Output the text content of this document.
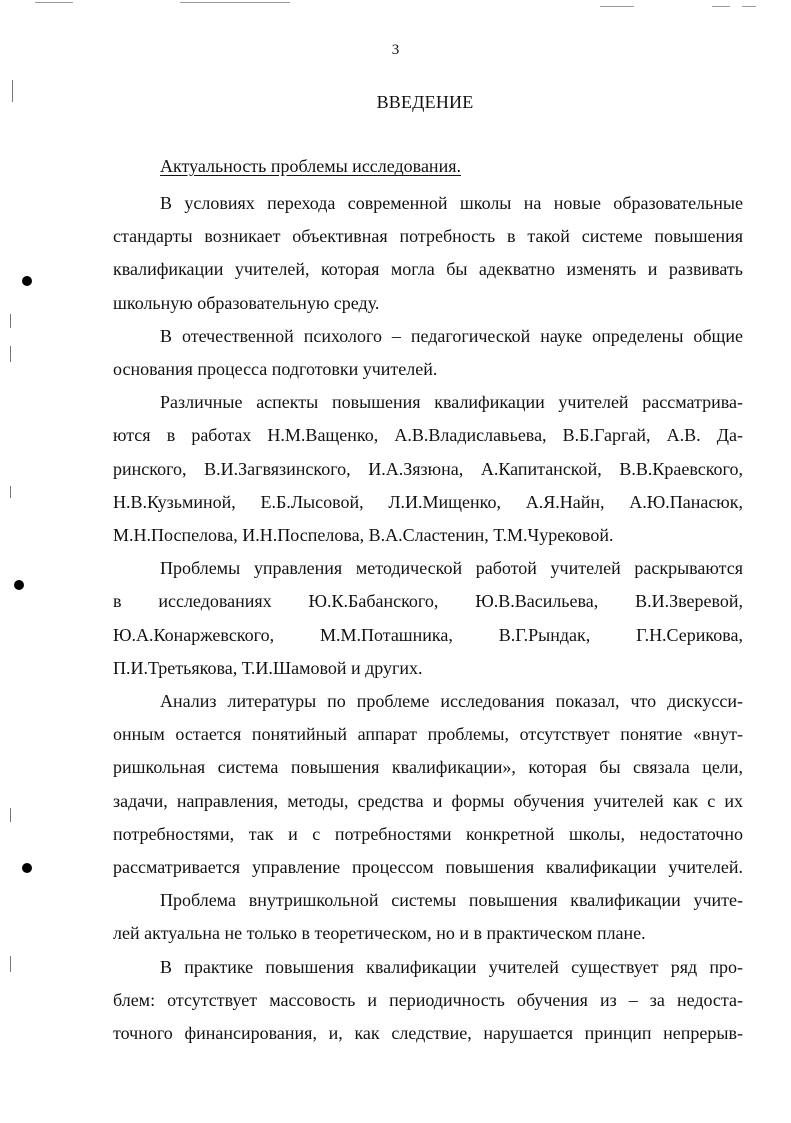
3
ВВЕДЕНИЕ
Актуальность проблемы исследования.

В условиях перехода современной школы на новые образовательные
стандарты возникает объективная потребность в такой системе повышения
квалификации учителей, которая могла бы адекватно изменять и развивать
школьную образовательную среду.

В отечественной психолого – педагогической науке определены общие
основания процесса подготовки учителей.

Различные аспекты повышения квалификации учителей рассматрива-
ются в работах Н.М.Ващенко, А.В.Владиславьева, В.Б.Гаргай, А.В. Да-
ринского, В.И.Загвязинского, И.А.Зязюна, А.Капитанской, В.В.Краевского,
Н.В.Кузьминой, Е.Б.Лысовой, Л.И.Мищенко, А.Я.Найн, А.Ю.Панасюк,
М.Н.Поспелова, И.Н.Поспелова, В.А.Сластенин, Т.М.Чурековой.

Проблемы управления методической работой учителей раскрываются
в исследованиях Ю.К.Бабанского, Ю.В.Васильева, В.И.Зверевой,
Ю.А.Конаржевского, М.М.Поташника, В.Г.Рындак, Г.Н.Серикова,
П.И.Третьякова, Т.И.Шамовой и других.

Анализ литературы по проблеме исследования показал, что дискусси-
онным остается понятийный аппарат проблемы, отсутствует понятие «внут-
ришкольная система повышения квалификации», которая бы связала цели,
задачи, направления, методы, средства и формы обучения учителей как с их
потребностями, так и с потребностями конкретной школы, недостаточно
рассматривается управление процессом повышения квалификации учителей.

Проблема внутришкольной системы повышения квалификации учите-
лей актуальна не только в теоретическом, но и в практическом плане.

В практике повышения квалификации учителей существует ряд про-
блем: отсутствует массовость и периодичность обучения из – за недоста-
точного финансирования, и, как следствие, нарушается принцип непрерыв-
